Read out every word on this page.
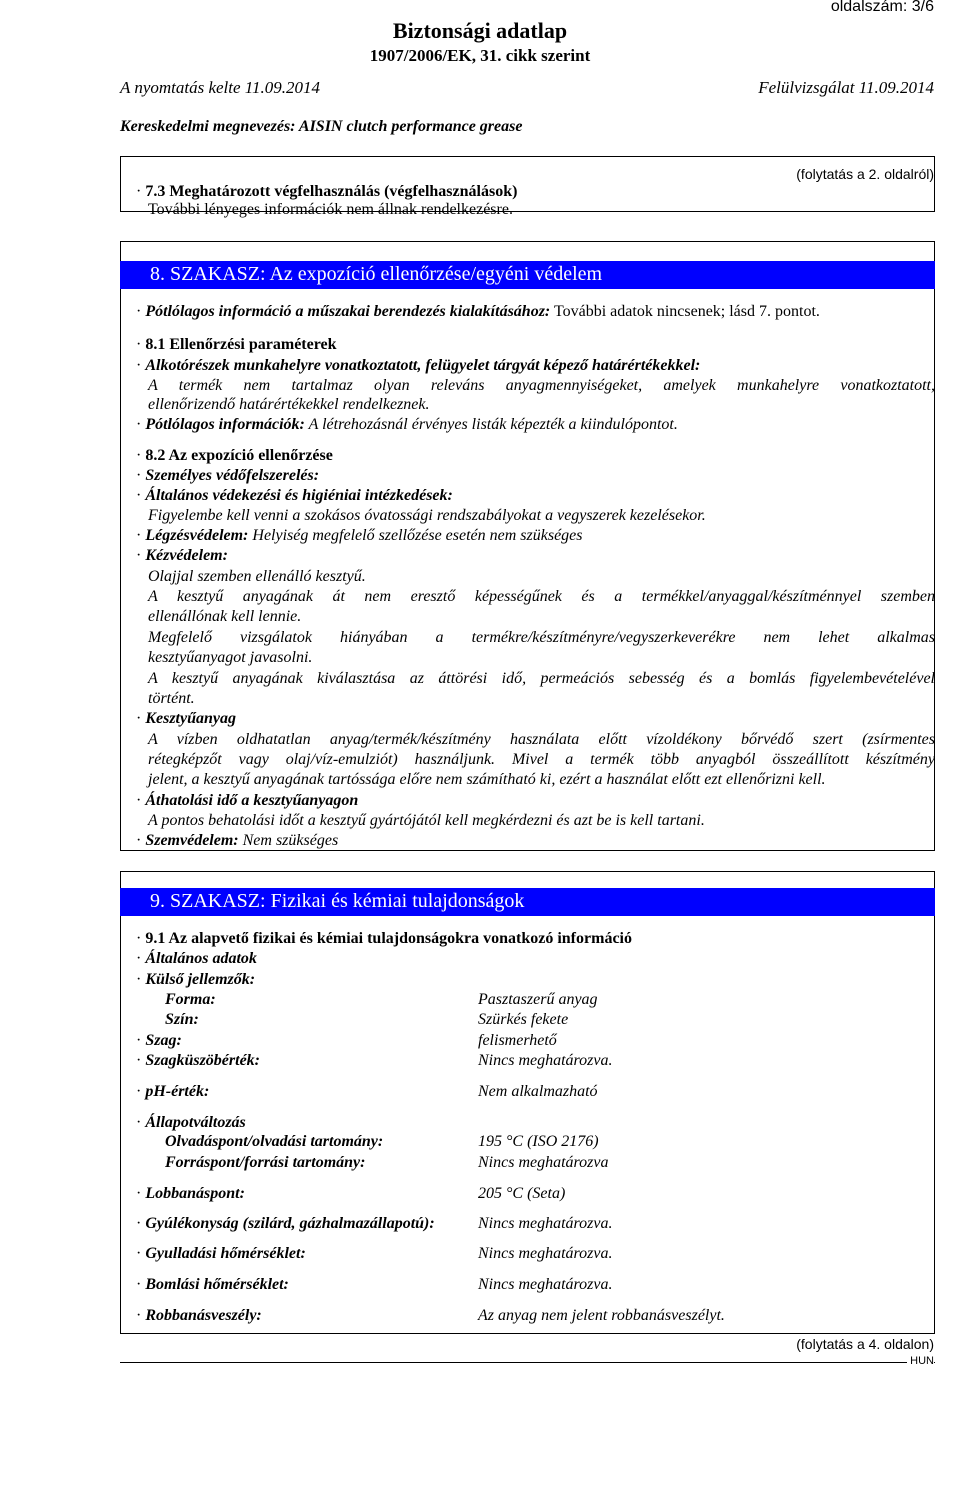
oldalszám: 3/6
Biztonsági adatlap
1907/2006/EK, 31. cikk szerint
A nyomtatás kelte 11.09.2014	Felülvizsgálat 11.09.2014
Kereskedelmi megnevezés: AISIN clutch performance grease
(folytatás a 2. oldalról)
· 7.3 Meghatározott végfelhasználás (végfelhasználások)
További lényeges információk nem állnak rendelkezésre.
8. SZAKASZ: Az expozíció ellenőrzése/egyéni védelem
· Pótlólagos információ a műszakai berendezés kialakításához: További adatok nincsenek; lásd 7. pontot.
· 8.1 Ellenőrzési paraméterek
· Alkotórészek munkahelyre vonatkoztatott, felügyelet tárgyát képező határértékekkel:
A termék nem tartalmaz olyan releváns anyagmennyiségeket, amelyek munkahelyre vonatkoztatott,
ellenőrizendő határértékekkel rendelkeznek.
· Pótlólagos információk: A létrehozásnál érvényes listák képezték a kiindulópontot.
· 8.2 Az expozíció ellenőrzése
· Személyes védőfelszerelés:
· Általános védekezési és higiéniai intézkedések:
Figyelembe kell venni a szokásos óvatossági rendszabályokat a vegyszerek kezelésekor.
· Légzésvédelem: Helyiség megfelelő szellőzése esetén nem szükséges
· Kézvédelem:
Olajjal szemben ellenálló kesztyű.
A kesztyű anyagának át nem eresztő képességűnek és a termékkel/anyaggal/készítménnyel szemben
ellenállónak kell lennie.
Megfelelő vizsgálatok hiányában a termékre/készítményre/vegyszerkeverékre nem lehet alkalmas
kesztyűanyagot javasolni.
A kesztyű anyagának kiválasztása az áttörési idő, permeációs sebesség és a bomlás figyelembevételével
történt.
· Kesztyűanyag
A vízben oldhatatlan anyag/termék/készítmény használata előtt vízoldékony bőrvédő szert (zsírmentes
rétegképzőt vagy olaj/víz-emulziót) használjunk. Mivel a termék több anyagból összeállított készítmény
jelent, a kesztyű anyagának tartóssága előre nem számítható ki, ezért a használat előtt ezt ellenőrizni kell.
· Áthatolási idő a kesztyűanyagon
A pontos behatolási időt a kesztyű gyártójától kell megkérdezni és azt be is kell tartani.
· Szemvédelem: Nem szükséges
9. SZAKASZ: Fizikai és kémiai tulajdonságok
· 9.1 Az alapvető fizikai és kémiai tulajdonságokra vonatkozó információ
· Általános adatok
· Külső jellemzők:
Forma:	Pasztaszerű anyag
Szín:	Szürkés fekete
· Szag:	felismerhető
· Szagküszöbérték:	Nincs meghatározva.
· pH-érték:	Nem alkalmazható
· Állapotváltozás
Olvadáspont/olvadási tartomány:	195 °C (ISO 2176)
Forráspont/forrási tartomány:	Nincs meghatározva
· Lobbanáspont:	205 °C (Seta)
· Gyúlékonyság (szilárd, gázhalmazállapotú):	Nincs meghatározva.
· Gyulladási hőmérséklet:	Nincs meghatározva.
· Bomlási hőmérséklet:	Nincs meghatározva.
· Robbanásveszély:	Az anyag nem jelent robbanásveszélyt.
(folytatás a 4. oldalon)
HUN
